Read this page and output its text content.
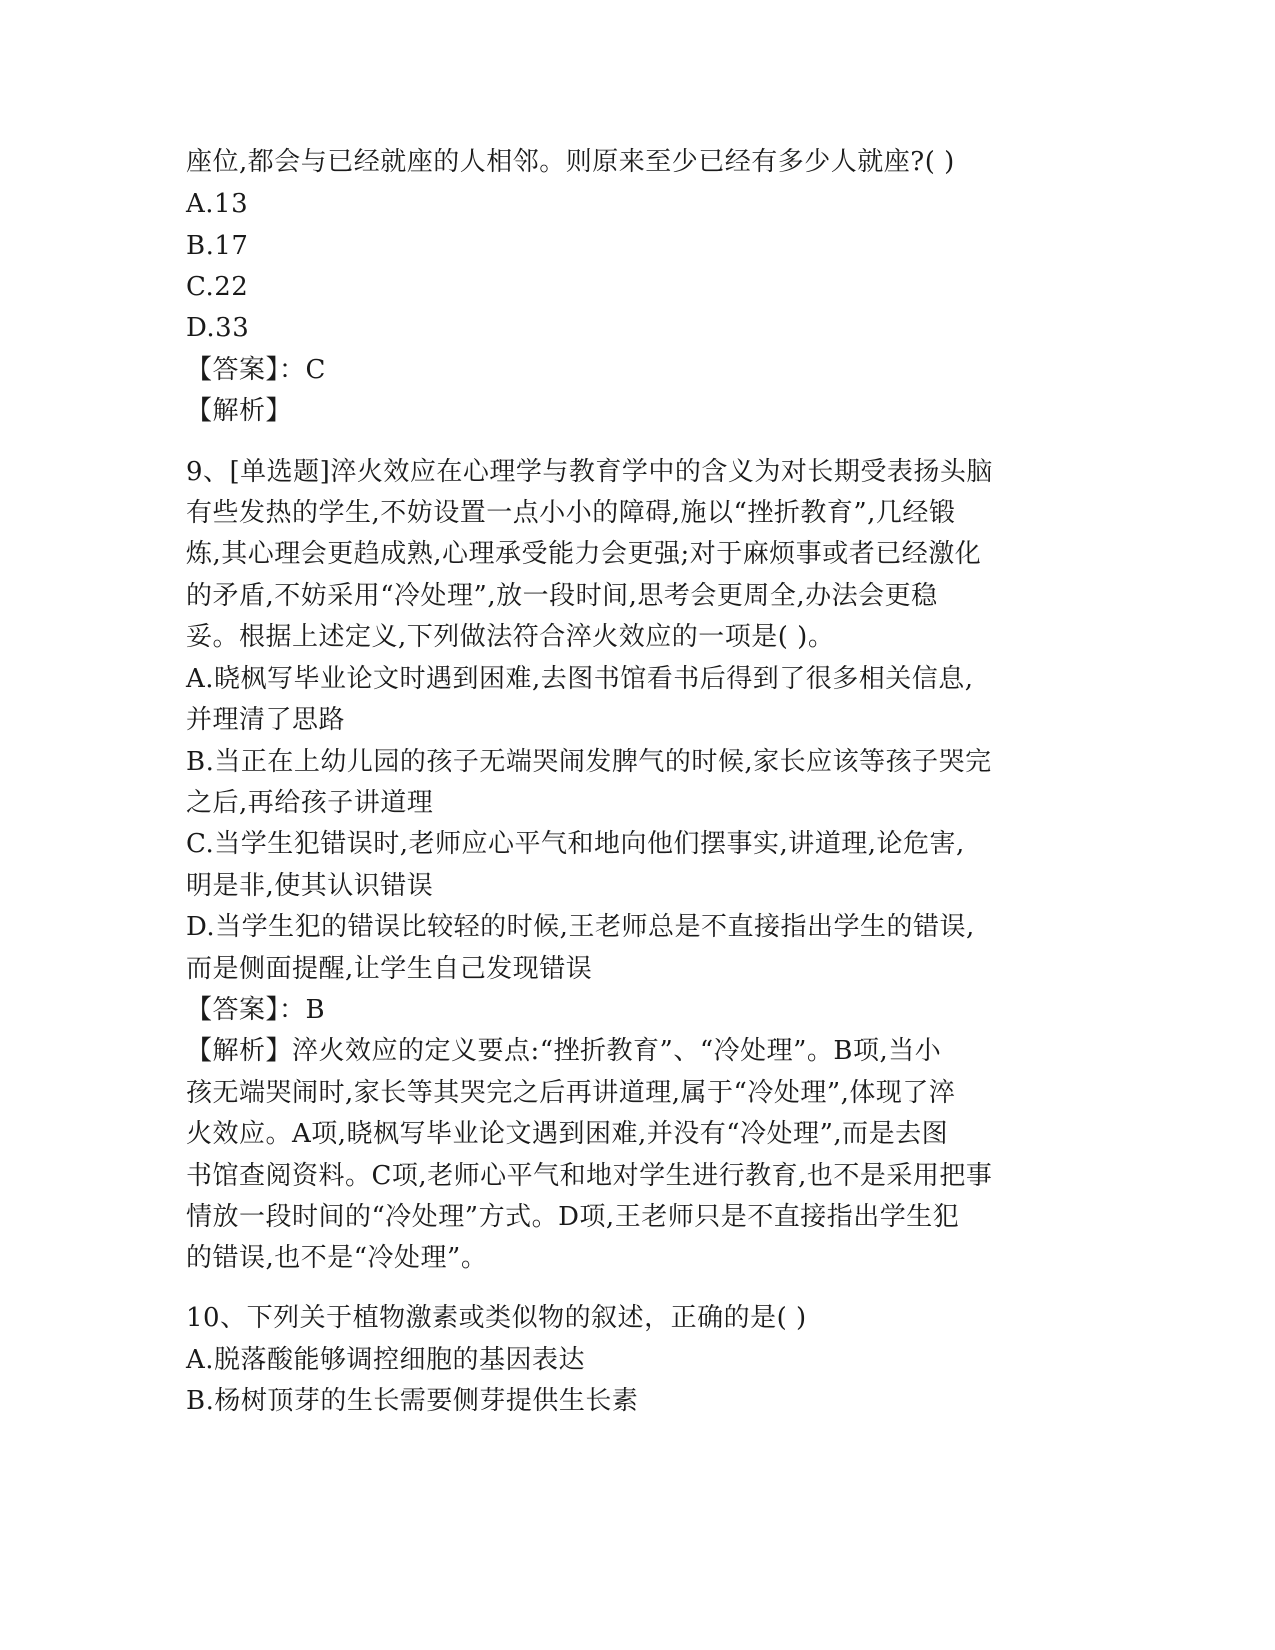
座位,都会与已经就座的人相邻。则原来至少已经有多少人就座?( )
A.13
B.17
C.22
D.33
【答案】：C
【解析】
9、[单选题]淬火效应在心理学与教育学中的含义为对长期受表扬头脑
有些发热的学生,不妨设置一点小小的障碍,施以“挫折教育”,几经锻
炼,其心理会更趋成熟,心理承受能力会更强;对于麻烦事或者已经激化
的矛盾,不妨采用“冷处理”,放一段时间,思考会更周全,办法会更稳
妥。根据上述定义,下列做法符合淬火效应的一项是( )。
A.晓枫写毕业论文时遇到困难,去图书馆看书后得到了很多相关信息,
并理清了思路
B.当正在上幼儿园的孩子无端哭闹发脾气的时候,家长应该等孩子哭完
之后,再给孩子讲道理
C.当学生犯错误时,老师应心平气和地向他们摆事实,讲道理,论危害,
明是非,使其认识错误
D.当学生犯的错误比较轻的时候,王老师总是不直接指出学生的错误,
而是侧面提醒,让学生自己发现错误
【答案】：B
【解析】淬火效应的定义要点:“挫折教育”、“冷处理”。B项,当小
孩无端哭闹时,家长等其哭完之后再讲道理,属于“冷处理”,体现了淬
火效应。A项,晓枫写毕业论文遇到困难,并没有“冷处理”,而是去图
书馆查阅资料。C项,老师心平气和地对学生进行教育,也不是采用把事
情放一段时间的“冷处理”方式。D项,王老师只是不直接指出学生犯
的错误,也不是“冷处理”。
10、下列关于植物激素或类似物的叙述，正确的是( )
A.脱落酸能够调控细胞的基因表达
B.杨树顶芽的生长需要侧芽提供生长素
